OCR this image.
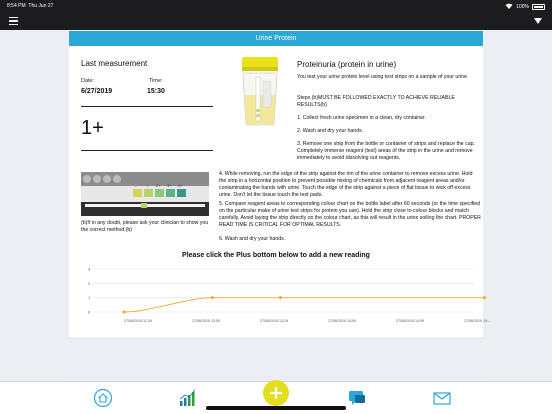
8:54 PM Thu Jun 27	100%
Urine Protein
Last measurement
Date:	Time:
6/27/2019	15:30
1+
- + 2+ 3+ 4+
(b)If in any doubt, please ask your clinician to show you the correct method.(b)
Proteinuria (protein in urine)
You test your urine protein level using test strips on a sample of your urine.
Steps (b)MUST BE FOLLOWED EXACTLY TO ACHIEVE RELIABLE RESULTS(b)
1. Collect fresh urine specimen in a clean, dry container.
2. Wash and dry your hands.
3. Remove one strip from the bottle or container of strips and replace the cap. Completely immerse reagent (test) areas of the strip in the urine and remove immediately to avoid dissolving out reagents.
4. While removing, run the edge of the strip against the rim of the urine container to remove excess urine. Hold the strip in a horizontal position to prevent possible mixing of chemicals from adjacent reagent areas and/or contaminating the hands with urine. Touch the edge of the strip against a piece of flat tissue to wick off excess urine. Don't let the tissue touch the test pads.
5. Compare reagent areas to corresponding colour chart on the bottle label after 60 seconds (or the time specified on the particular make of urine test strips for protein you use). Hold the strip close to colour blocks and match carefully. Avoid laying the strip directly on the colour chart, as this will result in the urine soiling the chart. PROPER READ TIME IS CRITICAL FOR OPTIMAL RESULTS.
6. Wash and dry your hands.
Please click the Plus bottom below to add a new reading
0
1
2
3
27/06/2019 11:39	27/06/2019 12:59	27/06/2019 13:19	27/06/2019 14:09	27/06/2019 14:59	27/06/2019 15:...
